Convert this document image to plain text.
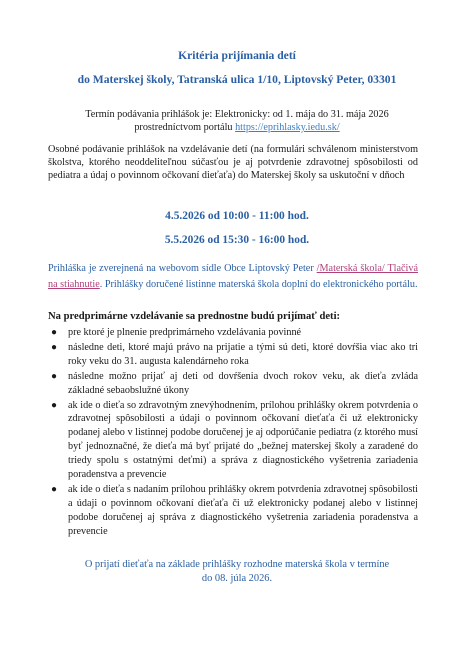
Kritéria prijímania detí
do Materskej školy, Tatranská ulica 1/10, Liptovský Peter, 03301
Termín podávania prihlášok je: Elektronicky: od 1. mája do 31. mája 2026
prostredníctvom portálu https://eprihlasky.iedu.sk/
Osobné podávanie prihlášok na vzdelávanie detí (na formulári schválenom ministerstvom školstva, ktorého neoddeliteľnou súčasťou je aj potvrdenie zdravotnej spôsobilosti od pediatra a údaj o povinnom očkovaní dieťaťa) do Materskej školy sa uskutoční v dňoch
4.5.2026 od 10:00 - 11:00 hod.
5.5.2026 od 15:30 - 16:00 hod.
Prihláška je zverejnená na webovom sídle Obce Liptovský Peter /Materská škola/ Tlačivá na stiahnutie. Prihlášky doručené listinne materská škola doplní do elektronického portálu.
Na predprimárne vzdelávanie sa prednostne budú prijímať deti:
● pre ktoré je plnenie predprimárneho vzdelávania povinné
● následne deti, ktoré majú právo na prijatie a tými sú deti, ktoré dovŕšia viac ako tri roky veku do 31. augusta kalendárneho roka
● následne možno prijať aj deti od dovŕšenia dvoch rokov veku, ak dieťa zvláda základné sebaobslužné úkony
● ak ide o dieťa so zdravotným znevýhodnením, prílohou prihlášky okrem potvrdenia o zdravotnej spôsobilosti a údaji o povinnom očkovaní dieťaťa či už elektronicky podanej alebo v listinnej podobe doručenej je aj odporúčanie pediatra (z ktorého musí byť jednoznačné, že dieťa má byť prijaté do „bežnej materskej školy a zaradené do triedy spolu s ostatnými deťmi) a správa z diagnostického vyšetrenia zariadenia poradenstva a prevencie
● ak ide o dieťa s nadaním prílohou prihlášky okrem potvrdenia zdravotnej spôsobilosti a údaji o povinnom očkovaní dieťaťa či už elektronicky podanej alebo v listinnej podobe doručenej aj správa z diagnostického vyšetrenia zariadenia poradenstva a prevencie
O prijatí dieťaťa na základe prihlášky rozhodne materská škola v termíne
do 08. júla 2026.
